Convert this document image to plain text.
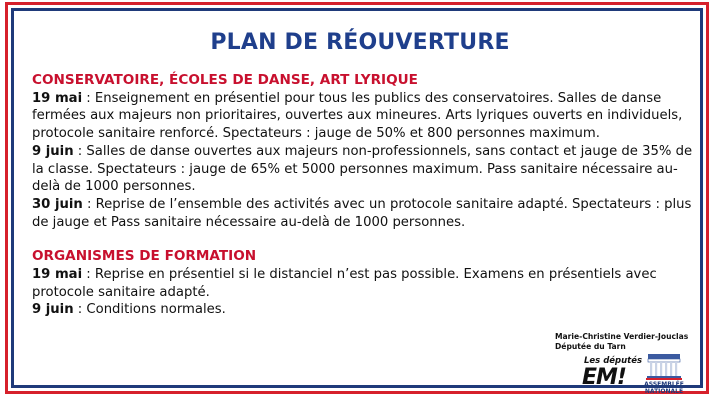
PLAN DE RÉOUVERTURE
CONSERVATOIRE, ÉCOLES DE DANSE, ART LYRIQUE
19 mai : Enseignement en présentiel pour tous les publics des conservatoires. Salles de danse fermées aux majeurs non prioritaires, ouvertes aux mineures. Arts lyriques ouverts en individuels, protocole sanitaire renforcé. Spectateurs : jauge de 50% et 800 personnes maximum.
9 juin : Salles de danse ouvertes aux majeurs non-professionnels, sans contact et jauge de 35% de la classe. Spectateurs : jauge de 65% et 5000 personnes maximum. Pass sanitaire nécessaire au-delà de 1000 personnes.
30 juin : Reprise de l’ensemble des activités avec un protocole sanitaire adapté. Spectateurs : plus de jauge et Pass sanitaire nécessaire au-delà de 1000 personnes.
ORGANISMES DE FORMATION
19 mai : Reprise en présentiel si le distanciel n’est pas possible. Examens en présentiels avec protocole sanitaire adapté.
9 juin : Conditions normales.
Marie-Christine Verdier-Jouclas
Députée du Tarn
Les députés
EM!	ASSEMBLÉE
NATIONALE
